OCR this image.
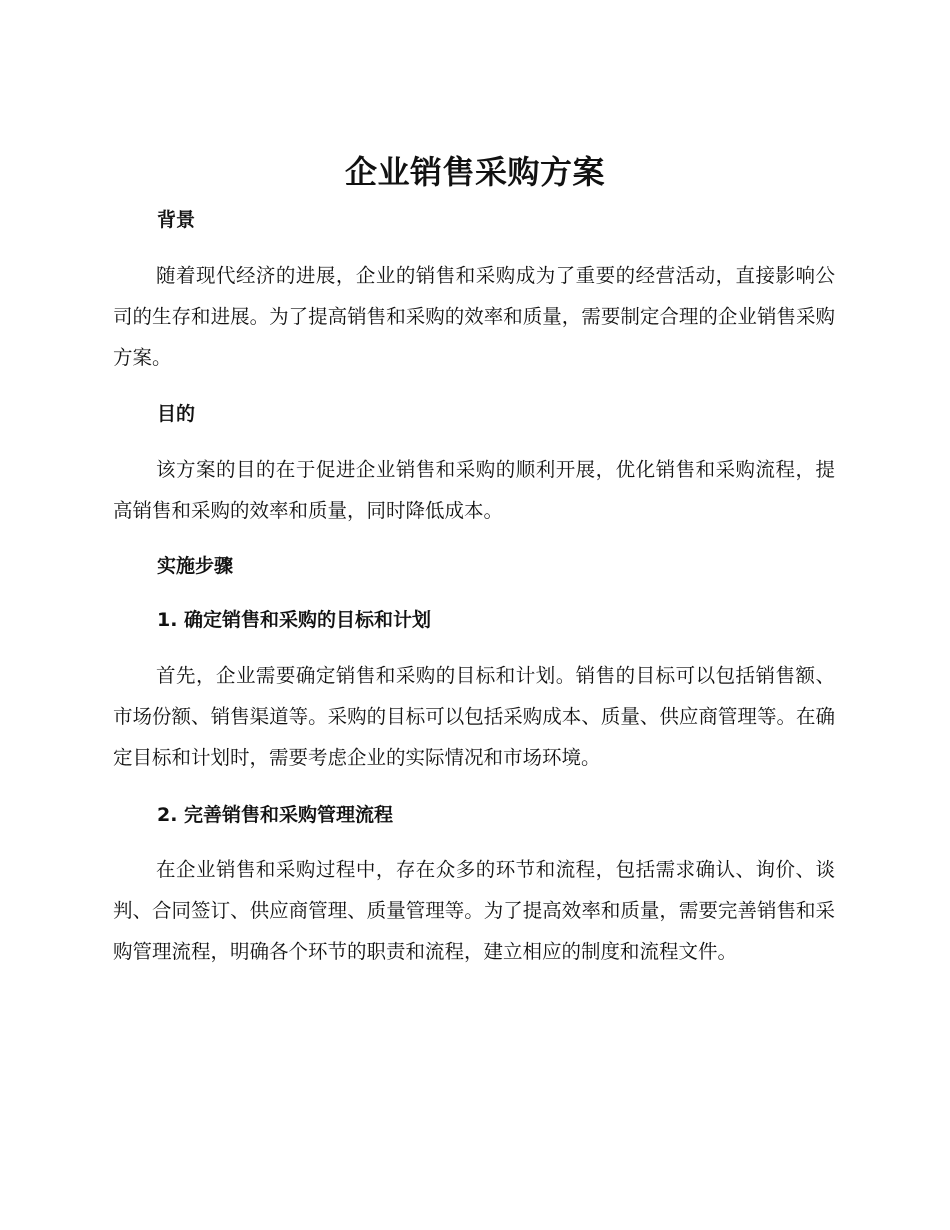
企业销售采购方案
背景

随着现代经济的进展，企业的销售和采购成为了重要的经营活动，直接影响公司的生存和进展。为了提高销售和采购的效率和质量，需要制定合理的企业销售采购方案。

目的

该方案的目的在于促进企业销售和采购的顺利开展，优化销售和采购流程，提高销售和采购的效率和质量，同时降低成本。

实施步骤
1. 确定销售和采购的目标和计划

首先，企业需要确定销售和采购的目标和计划。销售的目标可以包括销售额、市场份额、销售渠道等。采购的目标可以包括采购成本、质量、供应商管理等。在确定目标和计划时，需要考虑企业的实际情况和市场环境。

2. 完善销售和采购管理流程

在企业销售和采购过程中，存在众多的环节和流程，包括需求确认、询价、谈判、合同签订、供应商管理、质量管理等。为了提高效率和质量，需要完善销售和采购管理流程，明确各个环节的职责和流程，建立相应的制度和流程文件。
